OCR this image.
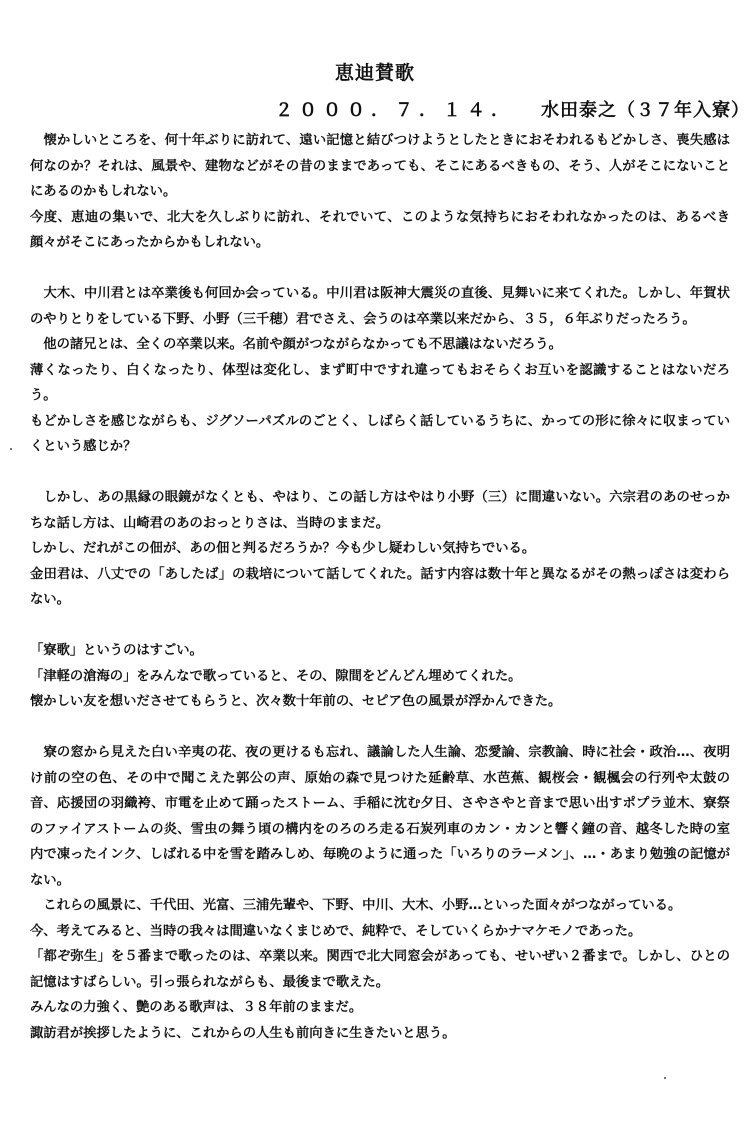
恵迪賛歌
２０００．７．１４． 水田泰之（３７年入寮）

　懐かしいところを、何十年ぶりに訪れて、遠い記憶と結びつけようとしたときにおそわれるもどかしさ、喪失感は何なのか？それは、風景や、建物などがその昔のままであっても、そこにあるべきもの、そう、人がそこにないことにあるのかもしれない。
今度、恵迪の集いで、北大を久しぶりに訪れ、それでいて、このような気持ちにおそわれなかったのは、あるべき顔々がそこにあったからかもしれない。

　大木、中川君とは卒業後も何回か会っている。中川君は阪神大震災の直後、見舞いに来てくれた。しかし、年賀状のやりとりをしている下野、小野（三千穂）君でさえ、会うのは卒業以来だから、３５，６年ぶりだったろう。
　他の諸兄とは、全くの卒業以来。名前や顔がつながらなかっても不思議はないだろう。
薄くなったり、白くなったり、体型は変化し、まず町中ですれ違ってもおそらくお互いを認識することはないだろう。
もどかしさを感じながらも、ジグソーパズルのごとく、しばらく話しているうちに、かっての形に徐々に収まっていくという感じか？

　しかし、あの黒縁の眼鏡がなくとも、やはり、この話し方はやはり小野（三）に間違いない。六宗君のあのせっかちな話し方は、山崎君のあのおっとりさは、当時のままだ。
しかし、だれがこの佃が、あの佃と判るだろうか？今も少し疑わしい気持ちでいる。
金田君は、八丈での「あしたば」の栽培について話してくれた。話す内容は数十年と異なるがその熱っぽさは変わらない。

「寮歌」というのはすごい。
「津軽の滄海の」をみんなで歌っていると、その、隙間をどんどん埋めてくれた。
懐かしい友を想いださせてもらうと、次々数十年前の、セピア色の風景が浮かんできた。

　寮の窓から見えた白い辛夷の花、夜の更けるも忘れ、議論した人生論、恋愛論、宗教論、時に社会・政治…、夜明け前の空の色、その中で聞こえた郭公の声、原始の森で見つけた延齢草、水芭蕉、観桜会・観楓会の行列や太鼓の音、応援団の羽織袴、市電を止めて踊ったストーム、手稲に沈む夕日、さやさやと音まで思い出すポプラ並木、寮祭のファイアストームの炎、雪虫の舞う頃の構内をのろのろ走る石炭列車のカン・カンと響く鐘の音、越冬した時の室内で凍ったインク、しばれる中を雪を踏みしめ、毎晩のように通った「いろりのラーメン」、…・あまり勉強の記憶がない。
　これらの風景に、千代田、光富、三浦先輩や、下野、中川、大木、小野…といった面々がつながっている。
今、考えてみると、当時の我々は間違いなくまじめで、純粋で、そしていくらかナマケモノであった。
「都ぞ弥生」を５番まで歌ったのは、卒業以来。関西で北大同窓会があっても、せいぜい２番まで。しかし、ひとの記憶はすばらしい。引っ張られながらも、最後まで歌えた。
みんなの力強く、艶のある歌声は、３８年前のままだ。
諏訪君が挨拶したように、これからの人生も前向きに生きたいと思う。
